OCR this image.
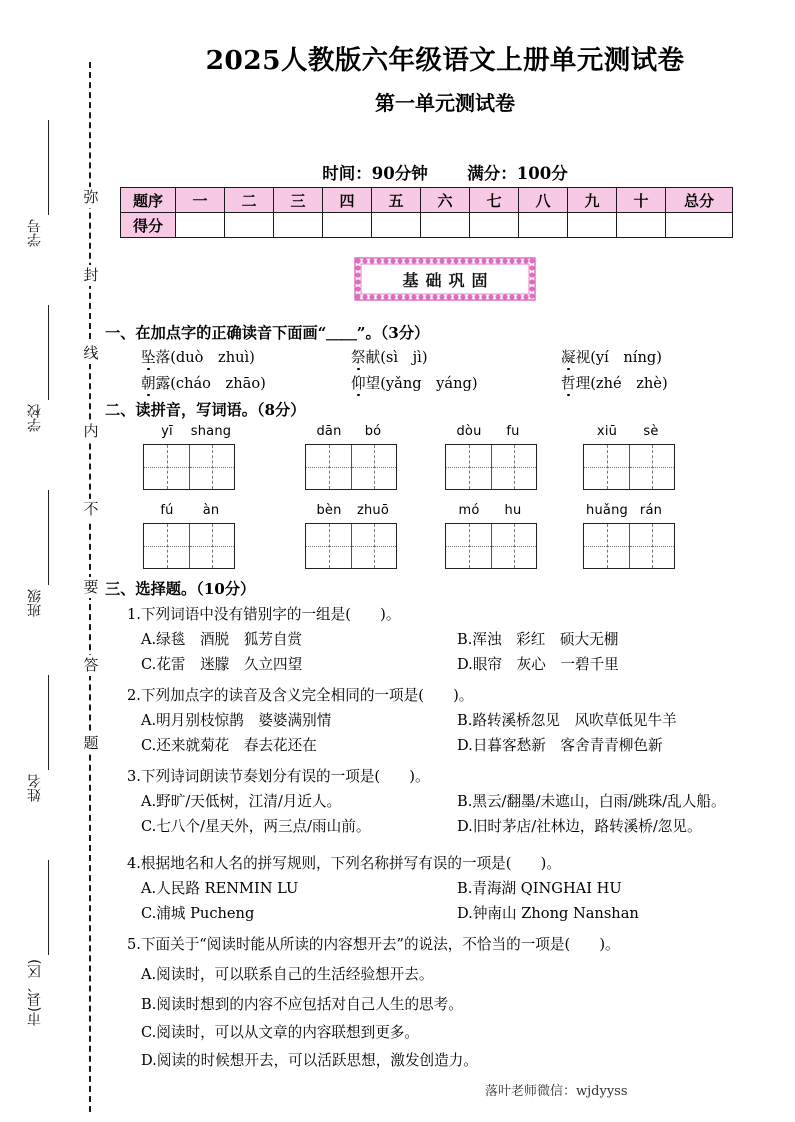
弥
封
线
内
不
要
答
题
学号
学校
班级
姓名
市(县、区)
2025人教版六年级语文上册单元测试卷
第一单元测试卷
时间：90分钟 满分：100分
题序	一	二	三	四	五	六	七	八	九	十	总分
得分											
基础巩固
一、在加点字的正确读音下面画“＿＿”。（3分）
坠落(duò　zhuì)	祭献(sì　jì)	凝视(yí　níng)
朝露(cháo　zhāo)	仰望(yǎng　yáng)	哲理(zhé　zhè)
二、读拼音，写词语。（8分）
yī shang	dān bó	dòu fu	xiū sè
fú àn	bèn zhuō	mó hu	huǎng rán
三、选择题。（10分）
1.下列词语中没有错别字的一组是(　　)。
A.绿毯　酒脱　狐芳自赏	B.浑浊　彩红　硕大无棚
C.花雷　迷朦　久立四望	D.眼帘　灰心　一碧千里
2.下列加点字的读音及含义完全相同的一项是(　　)。
A.明月别枝惊鹊　婆婆满别情	B.路转溪桥忽见　风吹草低见牛羊
C.还来就菊花　春去花还在	D.日暮客愁新　客舍青青柳色新
3.下列诗词朗读节奏划分有误的一项是(　　)。
A.野旷/天低树，江清/月近人。	B.黑云/翻墨/未遮山，白雨/跳珠/乱人船。
C.七八个/星天外，两三点/雨山前。	D.旧时茅店/社林边，路转溪桥/忽见。
4.根据地名和人名的拼写规则，下列名称拼写有误的一项是(　　)。
A.人民路 RENMIN LU	B.青海湖 QINGHAI HU
C.浦城 Pucheng	D.钟南山 Zhong Nanshan
5.下面关于“阅读时能从所读的内容想开去”的说法，不恰当的一项是(　　)。
A.阅读时，可以联系自己的生活经验想开去。
B.阅读时想到的内容不应包括对自己人生的思考。
C.阅读时，可以从文章的内容联想到更多。
D.阅读的时候想开去，可以活跃思想，激发创造力。
落叶老师微信：wjdyyss
